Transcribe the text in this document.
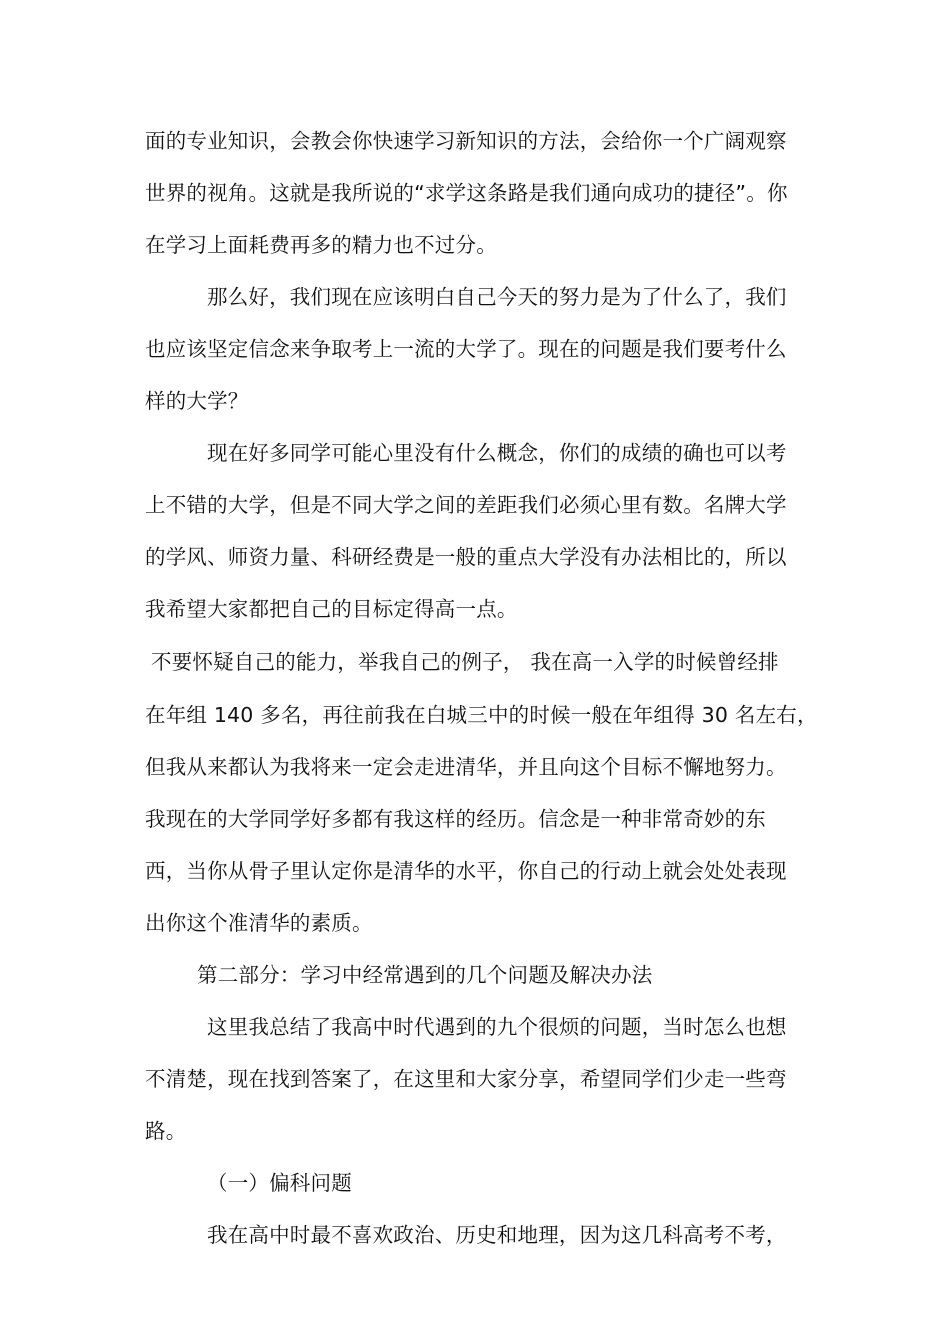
面的专业知识，会教会你快速学习新知识的方法，会给你一个广阔观察
世界的视角。这就是我所说的“求学这条路是我们通向成功的捷径”。你
在学习上面耗费再多的精力也不过分。
那么好，我们现在应该明白自己今天的努力是为了什么了，我们
也应该坚定信念来争取考上一流的大学了。现在的问题是我们要考什么
样的大学？
现在好多同学可能心里没有什么概念，你们的成绩的确也可以考
上不错的大学，但是不同大学之间的差距我们必须心里有数。名牌大学
的学风、师资力量、科研经费是一般的重点大学没有办法相比的，所以
我希望大家都把自己的目标定得高一点。
不要怀疑自己的能力，举我自己的例子， 我在高一入学的时候曾经排
在年组 140 多名，再往前我在白城三中的时候一般在年组得 30 名左右，
但我从来都认为我将来一定会走进清华，并且向这个目标不懈地努力。
我现在的大学同学好多都有我这样的经历。信念是一种非常奇妙的东
西，当你从骨子里认定你是清华的水平，你自己的行动上就会处处表现
出你这个准清华的素质。
第二部分：学习中经常遇到的几个问题及解决办法
这里我总结了我高中时代遇到的九个很烦的问题，当时怎么也想
不清楚，现在找到答案了，在这里和大家分享，希望同学们少走一些弯
路。
（一）偏科问题
我在高中时最不喜欢政治、历史和地理，因为这几科高考不考，
